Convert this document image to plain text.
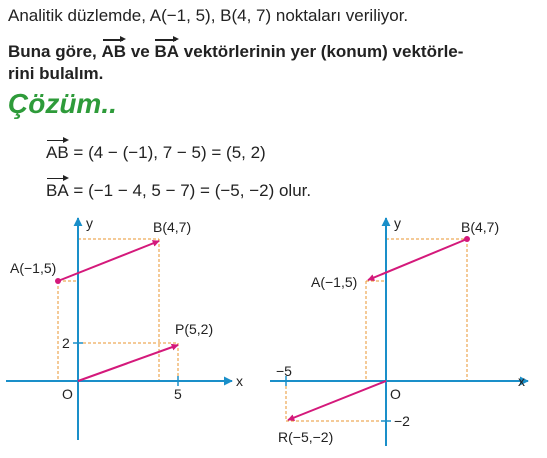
Analitik düzlemde, A(−1, 5), B(4, 7) noktaları veriliyor.
Buna göre, AB ve BA vektörlerinin yer (konum) vektörle-
rini bulalım.
Çözüm..
AB = (4 − (−1), 7 − 5) = (5, 2)
BA = (−1 − 4, 5 − 7) = (−5, −2) olur.
y
x
O	5
2
A(−1,5)
B(4,7)
P(5,2)
y
x
O
−5
−2
A(−1,5)
B(4,7)
R(−5,−2)
